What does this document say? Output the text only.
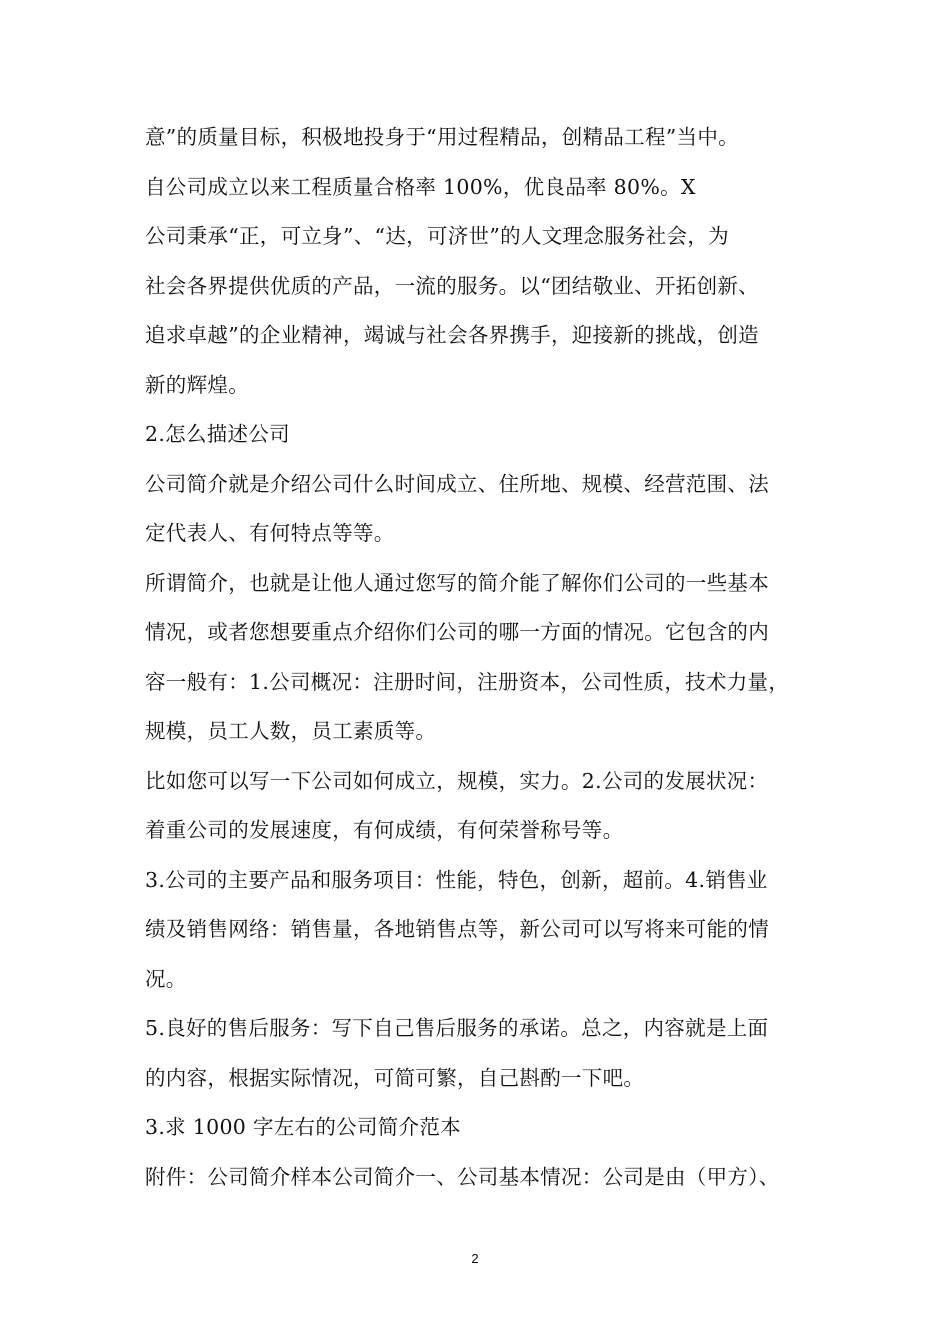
意”的质量目标，积极地投身于“用过程精品，创精品工程”当中。
自公司成立以来工程质量合格率 100%，优良品率 80%。X
公司秉承“正，可立身”、“达，可济世”的人文理念服务社会，为
社会各界提供优质的产品，一流的服务。以“团结敬业、开拓创新、
追求卓越”的企业精神，竭诚与社会各界携手，迎接新的挑战，创造
新的辉煌。
2.怎么描述公司
公司简介就是介绍公司什么时间成立、住所地、规模、经营范围、法
定代表人、有何特点等等。
所谓简介，也就是让他人通过您写的简介能了解你们公司的一些基本
情况，或者您想要重点介绍你们公司的哪一方面的情况。它包含的内
容一般有：1.公司概况：注册时间，注册资本，公司性质，技术力量，
规模，员工人数，员工素质等。
比如您可以写一下公司如何成立，规模，实力。2.公司的发展状况：
着重公司的发展速度，有何成绩，有何荣誉称号等。
3.公司的主要产品和服务项目：性能，特色，创新，超前。4.销售业
绩及销售网络：销售量，各地销售点等，新公司可以写将来可能的情
况。
5.良好的售后服务：写下自己售后服务的承诺。总之，内容就是上面
的内容，根据实际情况，可简可繁，自己斟酌一下吧。
3.求 1000 字左右的公司简介范本
附件：公司简介样本公司简介一、公司基本情况：公司是由（甲方）、
2
